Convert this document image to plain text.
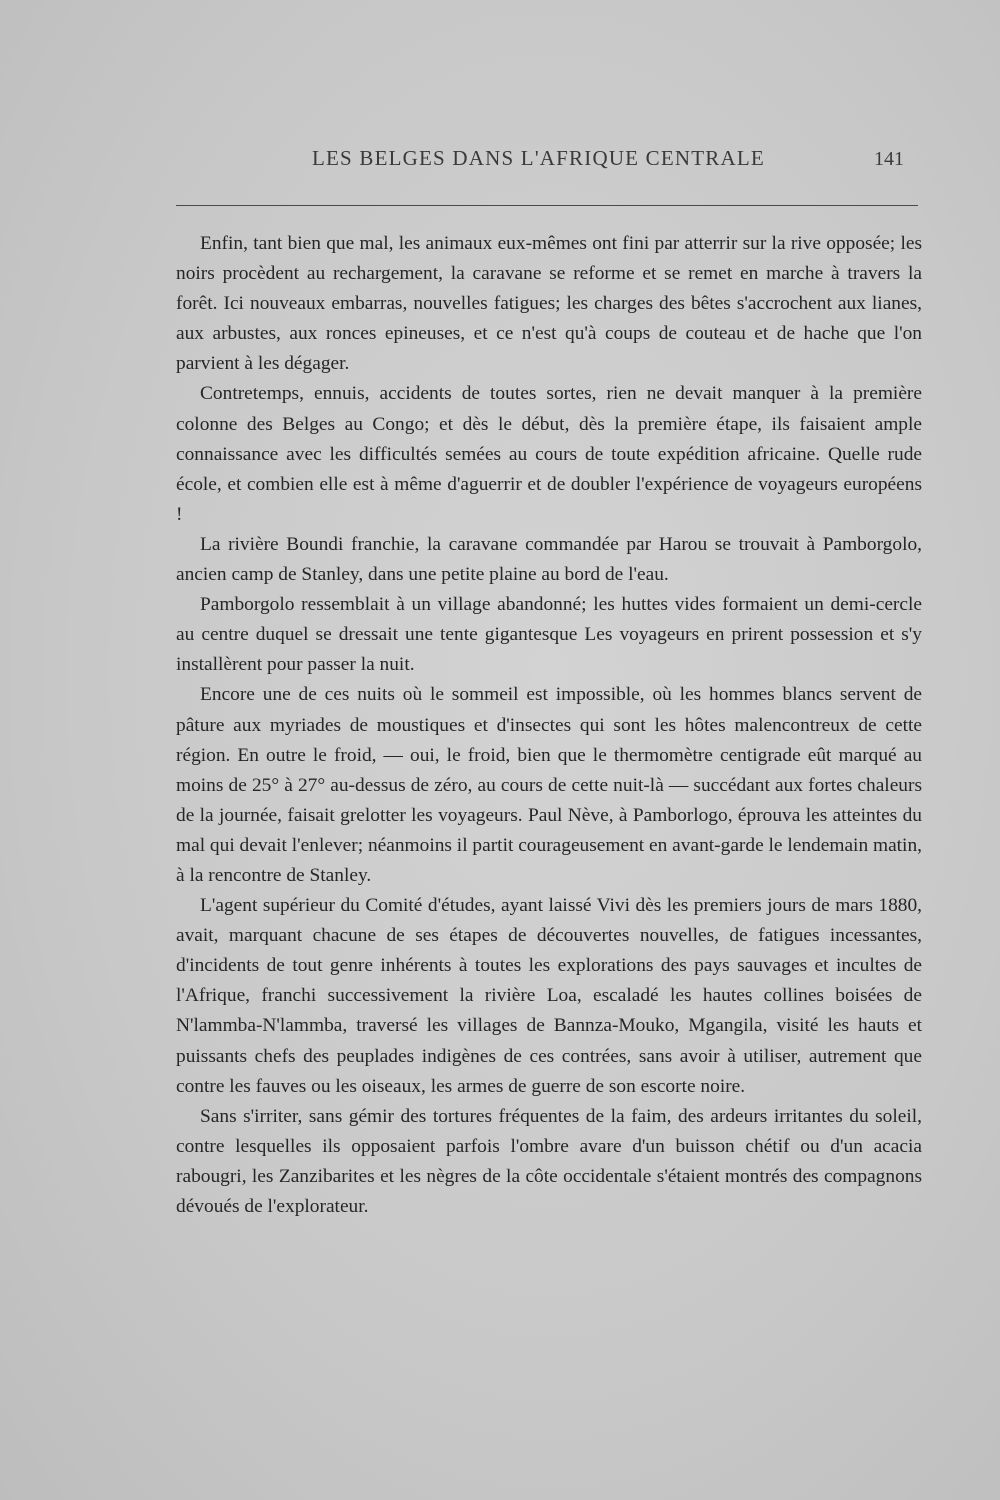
LES BELGES DANS L'AFRIQUE CENTRALE	141

Enfin, tant bien que mal, les animaux eux-mêmes ont fini par atterrir sur la rive opposée; les noirs procèdent au rechargement, la caravane se reforme et se remet en marche à travers la forêt. Ici nouveaux embarras, nouvelles fatigues; les charges des bêtes s'accrochent aux lianes, aux arbustes, aux ronces epineuses, et ce n'est qu'à coups de couteau et de hache que l'on parvient à les dégager.

Contretemps, ennuis, accidents de toutes sortes, rien ne devait manquer à la première colonne des Belges au Congo; et dès le début, dès la première étape, ils faisaient ample connaissance avec les difficultés semées au cours de toute expédition africaine. Quelle rude école, et combien elle est à même d'aguerrir et de doubler l'expérience de voyageurs européens !

La rivière Boundi franchie, la caravane commandée par Harou se trouvait à Pamborgolo, ancien camp de Stanley, dans une petite plaine au bord de l'eau.

Pamborgolo ressemblait à un village abandonné; les huttes vides formaient un demi-cercle au centre duquel se dressait une tente gigantesque Les voyageurs en prirent possession et s'y installèrent pour passer la nuit.

Encore une de ces nuits où le sommeil est impossible, où les hommes blancs servent de pâture aux myriades de moustiques et d'insectes qui sont les hôtes malencontreux de cette région. En outre le froid, — oui, le froid, bien que le thermomètre centigrade eût marqué au moins de 25° à 27° au-dessus de zéro, au cours de cette nuit-là — succédant aux fortes chaleurs de la journée, faisait grelotter les voyageurs. Paul Nève, à Pamborlogo, éprouva les atteintes du mal qui devait l'enlever; néanmoins il partit courageusement en avant-garde le lendemain matin, à la rencontre de Stanley.

L'agent supérieur du Comité d'études, ayant laissé Vivi dès les premiers jours de mars 1880, avait, marquant chacune de ses étapes de découvertes nouvelles, de fatigues incessantes, d'incidents de tout genre inhérents à toutes les explorations des pays sauvages et incultes de l'Afrique, franchi successivement la rivière Loa, escaladé les hautes collines boisées de N'lammba-N'lammba, traversé les villages de Bannza-Mouko, Mgangila, visité les hauts et puissants chefs des peuplades indigènes de ces contrées, sans avoir à utiliser, autrement que contre les fauves ou les oiseaux, les armes de guerre de son escorte noire.

Sans s'irriter, sans gémir des tortures fréquentes de la faim, des ardeurs irritantes du soleil, contre lesquelles ils opposaient parfois l'ombre avare d'un buisson chétif ou d'un acacia rabougri, les Zanzibarites et les nègres de la côte occidentale s'étaient montrés des compagnons dévoués de l'explorateur.
